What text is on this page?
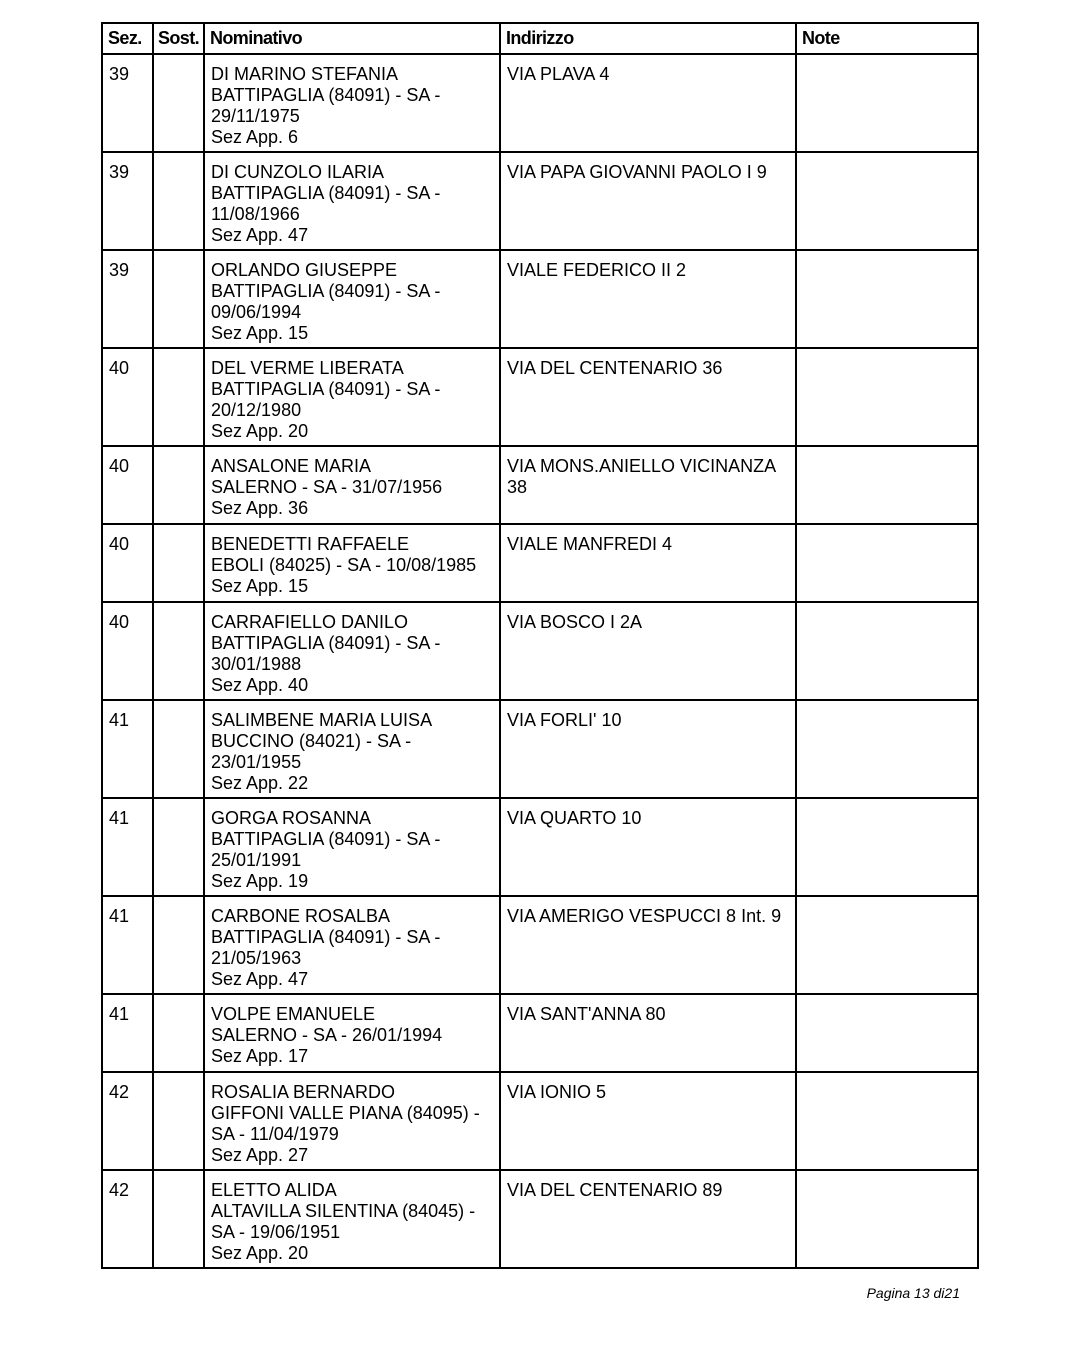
Sez.	Sost.	Nominativo	Indirizzo	Note
39		DI MARINO STEFANIA
BATTIPAGLIA (84091) - SA -
29/11/1975
Sez App. 6	VIA PLAVA 4	

39		DI CUNZOLO ILARIA
BATTIPAGLIA (84091) - SA -
11/08/1966
Sez App. 47	VIA PAPA GIOVANNI PAOLO I 9	

39		ORLANDO GIUSEPPE
BATTIPAGLIA (84091) - SA -
09/06/1994
Sez App. 15	VIALE FEDERICO II 2	

40		DEL VERME LIBERATA
BATTIPAGLIA (84091) - SA -
20/12/1980
Sez App. 20	VIA DEL CENTENARIO 36	

40		ANSALONE MARIA
SALERNO - SA - 31/07/1956
Sez App. 36	VIA MONS.ANIELLO VICINANZA
38	

40		BENEDETTI RAFFAELE
EBOLI (84025) - SA - 10/08/1985
Sez App. 15	VIALE MANFREDI 4	

40		CARRAFIELLO DANILO
BATTIPAGLIA (84091) - SA -
30/01/1988
Sez App. 40	VIA BOSCO I 2A	

41		SALIMBENE MARIA LUISA
BUCCINO (84021) - SA -
23/01/1955
Sez App. 22	VIA FORLI' 10	

41		GORGA ROSANNA
BATTIPAGLIA (84091) - SA -
25/01/1991
Sez App. 19	VIA QUARTO 10	

41		CARBONE ROSALBA
BATTIPAGLIA (84091) - SA -
21/05/1963
Sez App. 47	VIA AMERIGO VESPUCCI 8 Int. 9	

41		VOLPE EMANUELE
SALERNO - SA - 26/01/1994
Sez App. 17	VIA SANT'ANNA 80	

42		ROSALIA BERNARDO
GIFFONI VALLE PIANA (84095) -
SA - 11/04/1979
Sez App. 27	VIA IONIO 5	

42		ELETTO ALIDA
ALTAVILLA SILENTINA (84045) -
SA - 19/06/1951
Sez App. 20	VIA DEL CENTENARIO 89	

Pagina 13 di21
